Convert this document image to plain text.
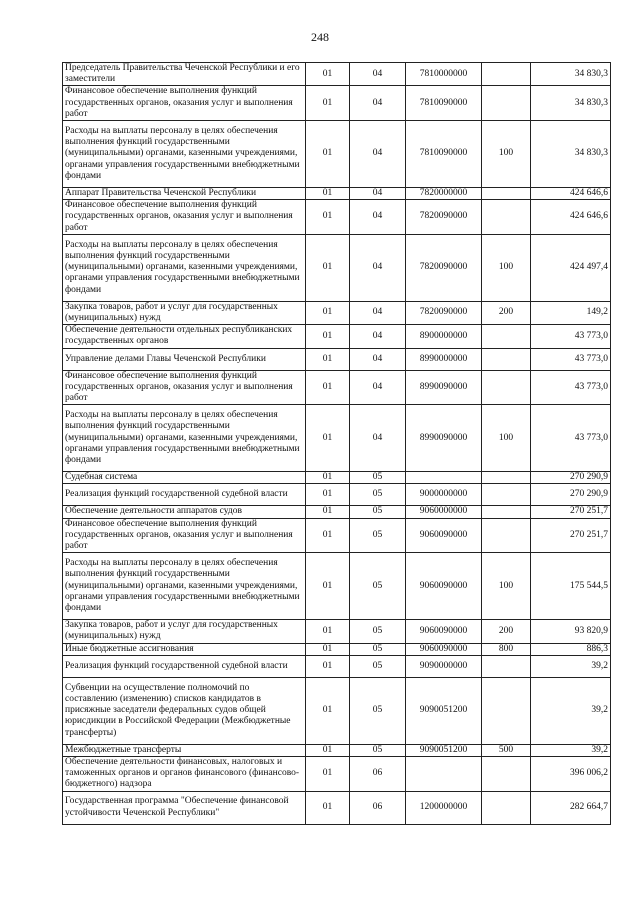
248
Председатель Правительства Чеченской Республики и его заместители	01	04	7810000000		34 830,3
Финансовое обеспечение выполнения функций государственных органов, оказания услуг и выполнения работ	01	04	7810090000		34 830,3
Расходы на выплаты персоналу в целях обеспечения выполнения функций государственными (муниципальными) органами, казенными учреждениями, органами управления государственными внебюджетными фондами	01	04	7810090000	100	34 830,3
Аппарат Правительства Чеченской Республики	01	04	7820000000		424 646,6
Финансовое обеспечение выполнения функций государственных органов, оказания услуг и выполнения работ	01	04	7820090000		424 646,6
Расходы на выплаты персоналу в целях обеспечения выполнения функций государственными (муниципальными) органами, казенными учреждениями, органами управления государственными внебюджетными фондами	01	04	7820090000	100	424 497,4
Закупка товаров, работ и услуг для государственных (муниципальных) нужд	01	04	7820090000	200	149,2
Обеспечение деятельности отдельных республиканских государственных органов	01	04	8900000000		43 773,0
Управление делами Главы Чеченской Республики	01	04	8990000000		43 773,0
Финансовое обеспечение выполнения функций государственных органов, оказания услуг и выполнения работ	01	04	8990090000		43 773,0
Расходы на выплаты персоналу в целях обеспечения выполнения функций государственными (муниципальными) органами, казенными учреждениями, органами управления государственными внебюджетными фондами	01	04	8990090000	100	43 773,0
Судебная система	01	05			270 290,9
Реализация функций государственной судебной власти	01	05	9000000000		270 290,9
Обеспечение деятельности аппаратов судов	01	05	9060000000		270 251,7
Финансовое обеспечение выполнения функций государственных органов, оказания услуг и выполнения работ	01	05	9060090000		270 251,7
Расходы на выплаты персоналу в целях обеспечения выполнения функций государственными (муниципальными) органами, казенными учреждениями, органами управления государственными внебюджетными фондами	01	05	9060090000	100	175 544,5
Закупка товаров, работ и услуг для государственных (муниципальных) нужд	01	05	9060090000	200	93 820,9
Иные бюджетные ассигнования	01	05	9060090000	800	886,3
Реализация функций государственной судебной власти	01	05	9090000000		39,2
Субвенции на осуществление полномочий по составлению (изменению) списков кандидатов в присяжные заседатели федеральных судов общей юрисдикции в Российской Федерации (Межбюджетные трансферты)	01	05	9090051200		39,2
Межбюджетные трансферты	01	05	9090051200	500	39,2
Обеспечение деятельности финансовых, налоговых и таможенных органов и органов финансового (финансово-бюджетного) надзора	01	06			396 006,2
Государственная программа "Обеспечение финансовой устойчивости Чеченской Республики"	01	06	1200000000		282 664,7
